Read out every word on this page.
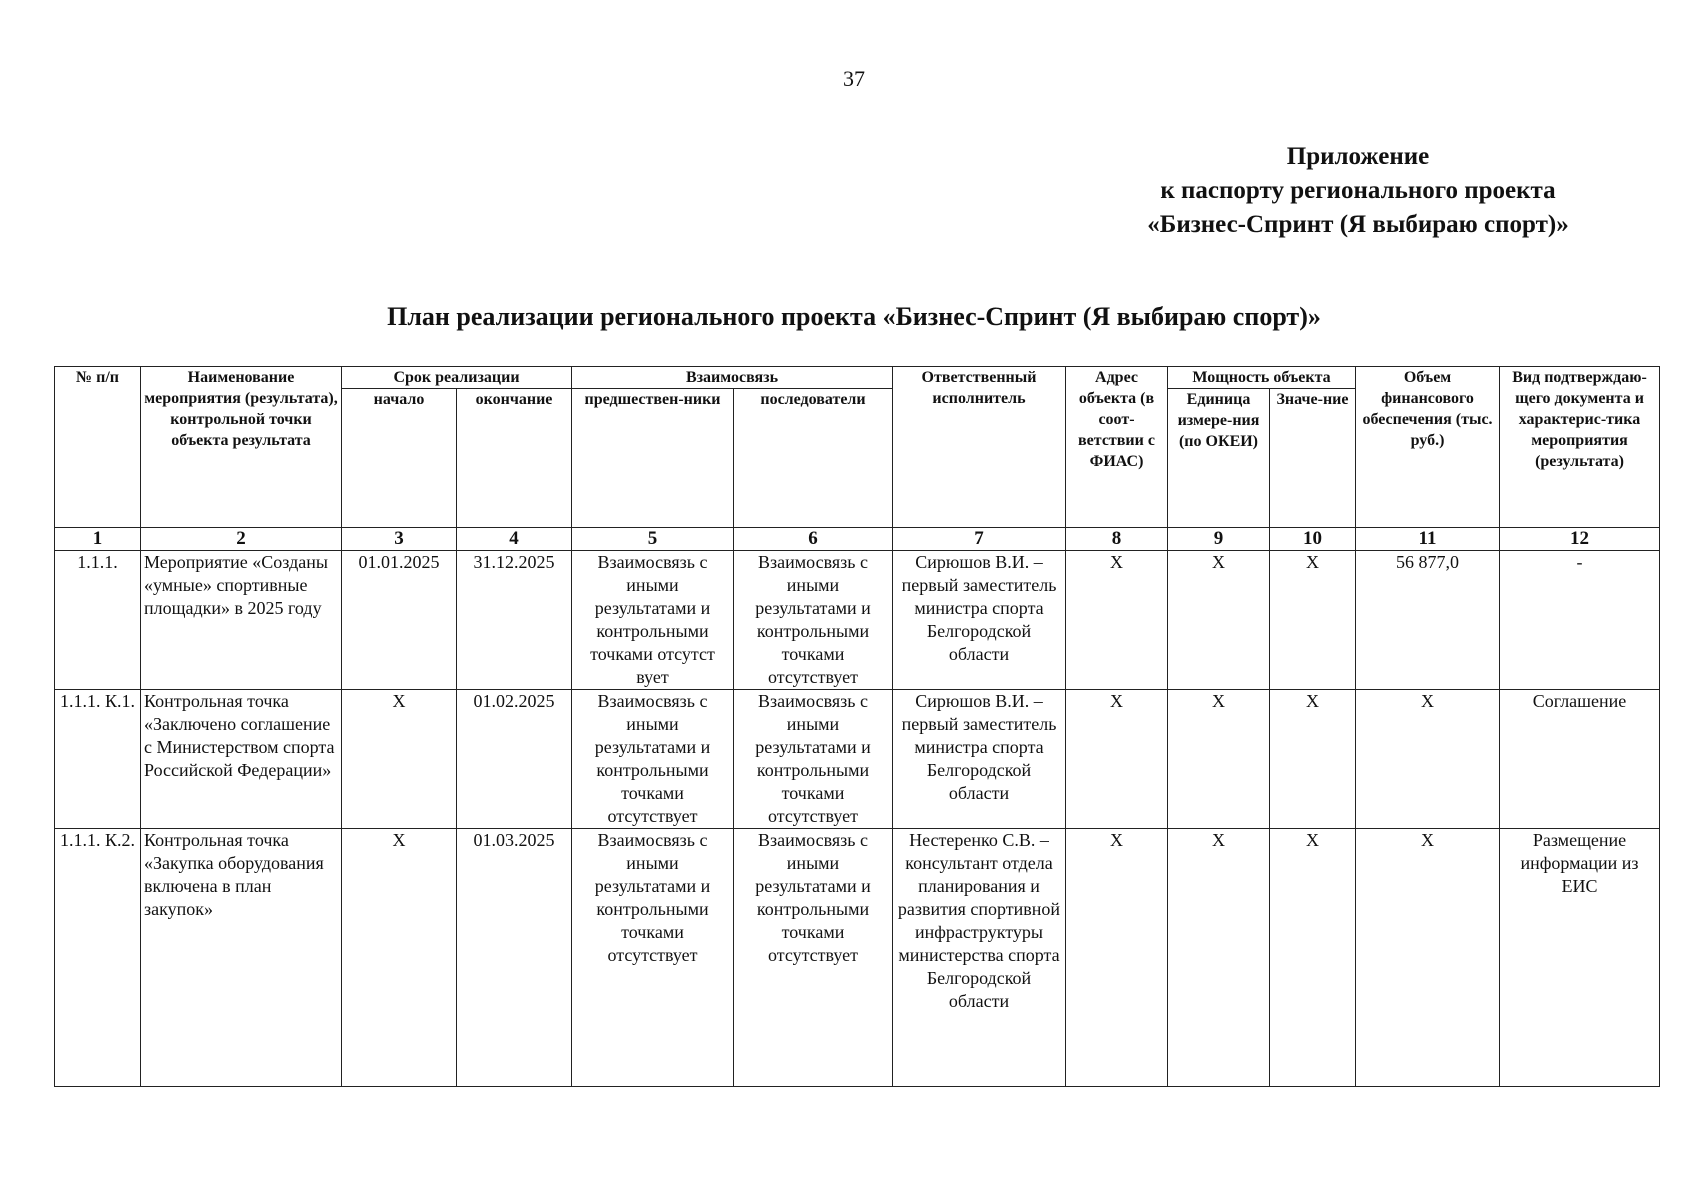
37
Приложение
к паспорту регионального проекта
«Бизнес-Спринт (Я выбираю спорт)»
План реализации регионального проекта «Бизнес-Спринт (Я выбираю спорт)»
№ п/п	Наименование мероприятия (результата), контрольной точки объекта результата	Срок реализации		Взаимосвязь		Ответственный исполнитель	Адрес объекта (в соот-ветствии с ФИАС)	Мощность объекта		Объем финансового обеспечения (тыс. руб.)	Вид подтверждаю-щего документа и характерис-тика мероприятия (результата)
		начало	окончание	предшествен-ники	последователи			Единица измере-ния (по ОКЕИ)	Значе-ние		
1	2	3	4	5	6	7	8	9	10	11	12
1.1.1.	Мероприятие «Созданы «умные» спортивные площадки» в 2025 году	01.01.2025	31.12.2025	Взаимосвязь с иными результатами и контрольными точками отсутст вует	Взаимосвязь с иными результатами и контрольными точками отсутствует	Сирюшов В.И. – первый заместитель министра спорта Белгородской области	X	X	X	56 877,0	-
1.1.1. К.1.	Контрольная точка «Заключено соглашение с Министерством спорта Российской Федерации»	X	01.02.2025	Взаимосвязь с иными результатами и контрольными точками отсутствует	Взаимосвязь с иными результатами и контрольными точками отсутствует	Сирюшов В.И. – первый заместитель министра спорта Белгородской области	X	X	X	X	Соглашение
1.1.1. К.2.	Контрольная точка «Закупка оборудования включена в план закупок»	X	01.03.2025	Взаимосвязь с иными результатами и контрольными точками отсутствует	Взаимосвязь с иными результатами и контрольными точками отсутствует	Нестеренко С.В. – консультант отдела планирования и развития спортивной инфраструктуры министерства спорта Белгородской области	X	X	X	X	Размещение информации из ЕИС
